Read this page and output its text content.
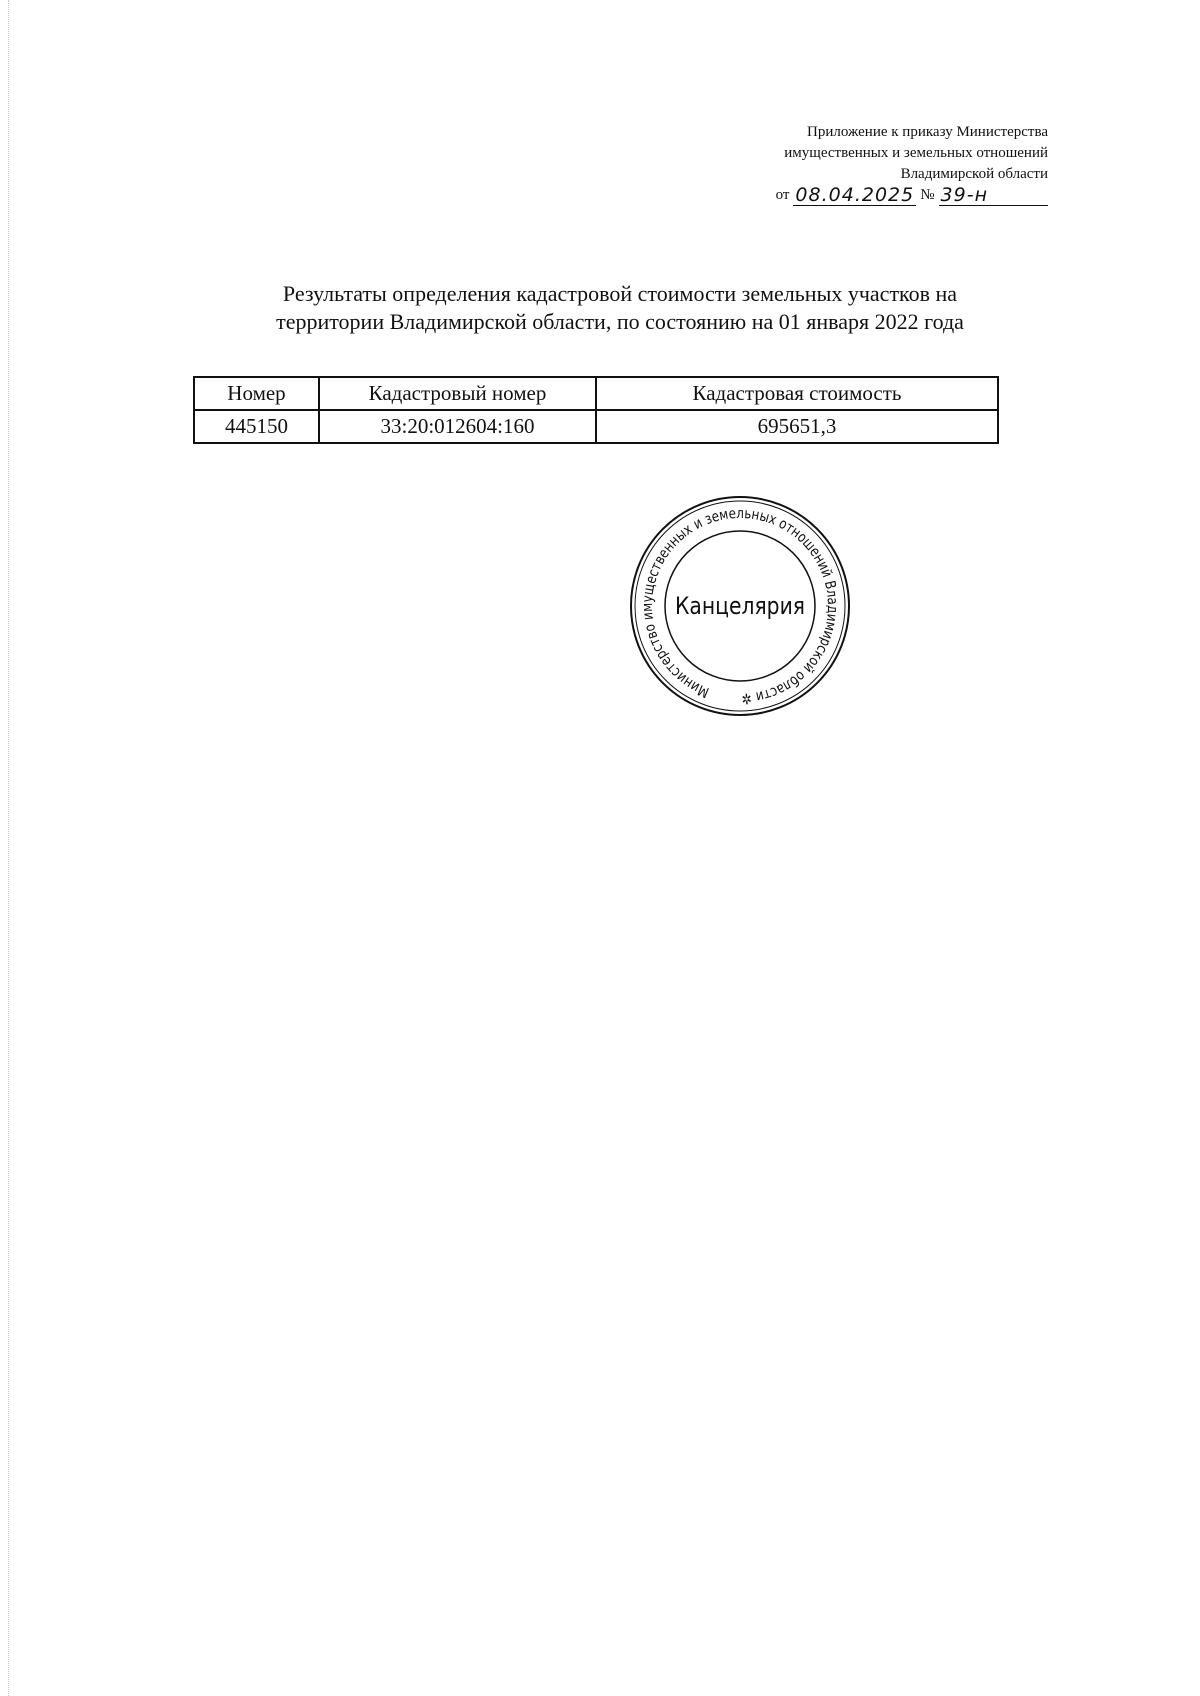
Приложение к приказу Министерства
имущественных и земельных отношений
Владимирской области
от 08.04.2025 № 39-н
Результаты определения кадастровой стоимости земельных участков на
территории Владимирской области, по состоянию на 01 января 2022 года
Номер	Кадастровый номер	Кадастровая стоимость
445150	33:20:012604:160	695651,3
Министерство имущественных и земельных отношений Владимирской области ✲
Канцелярия
